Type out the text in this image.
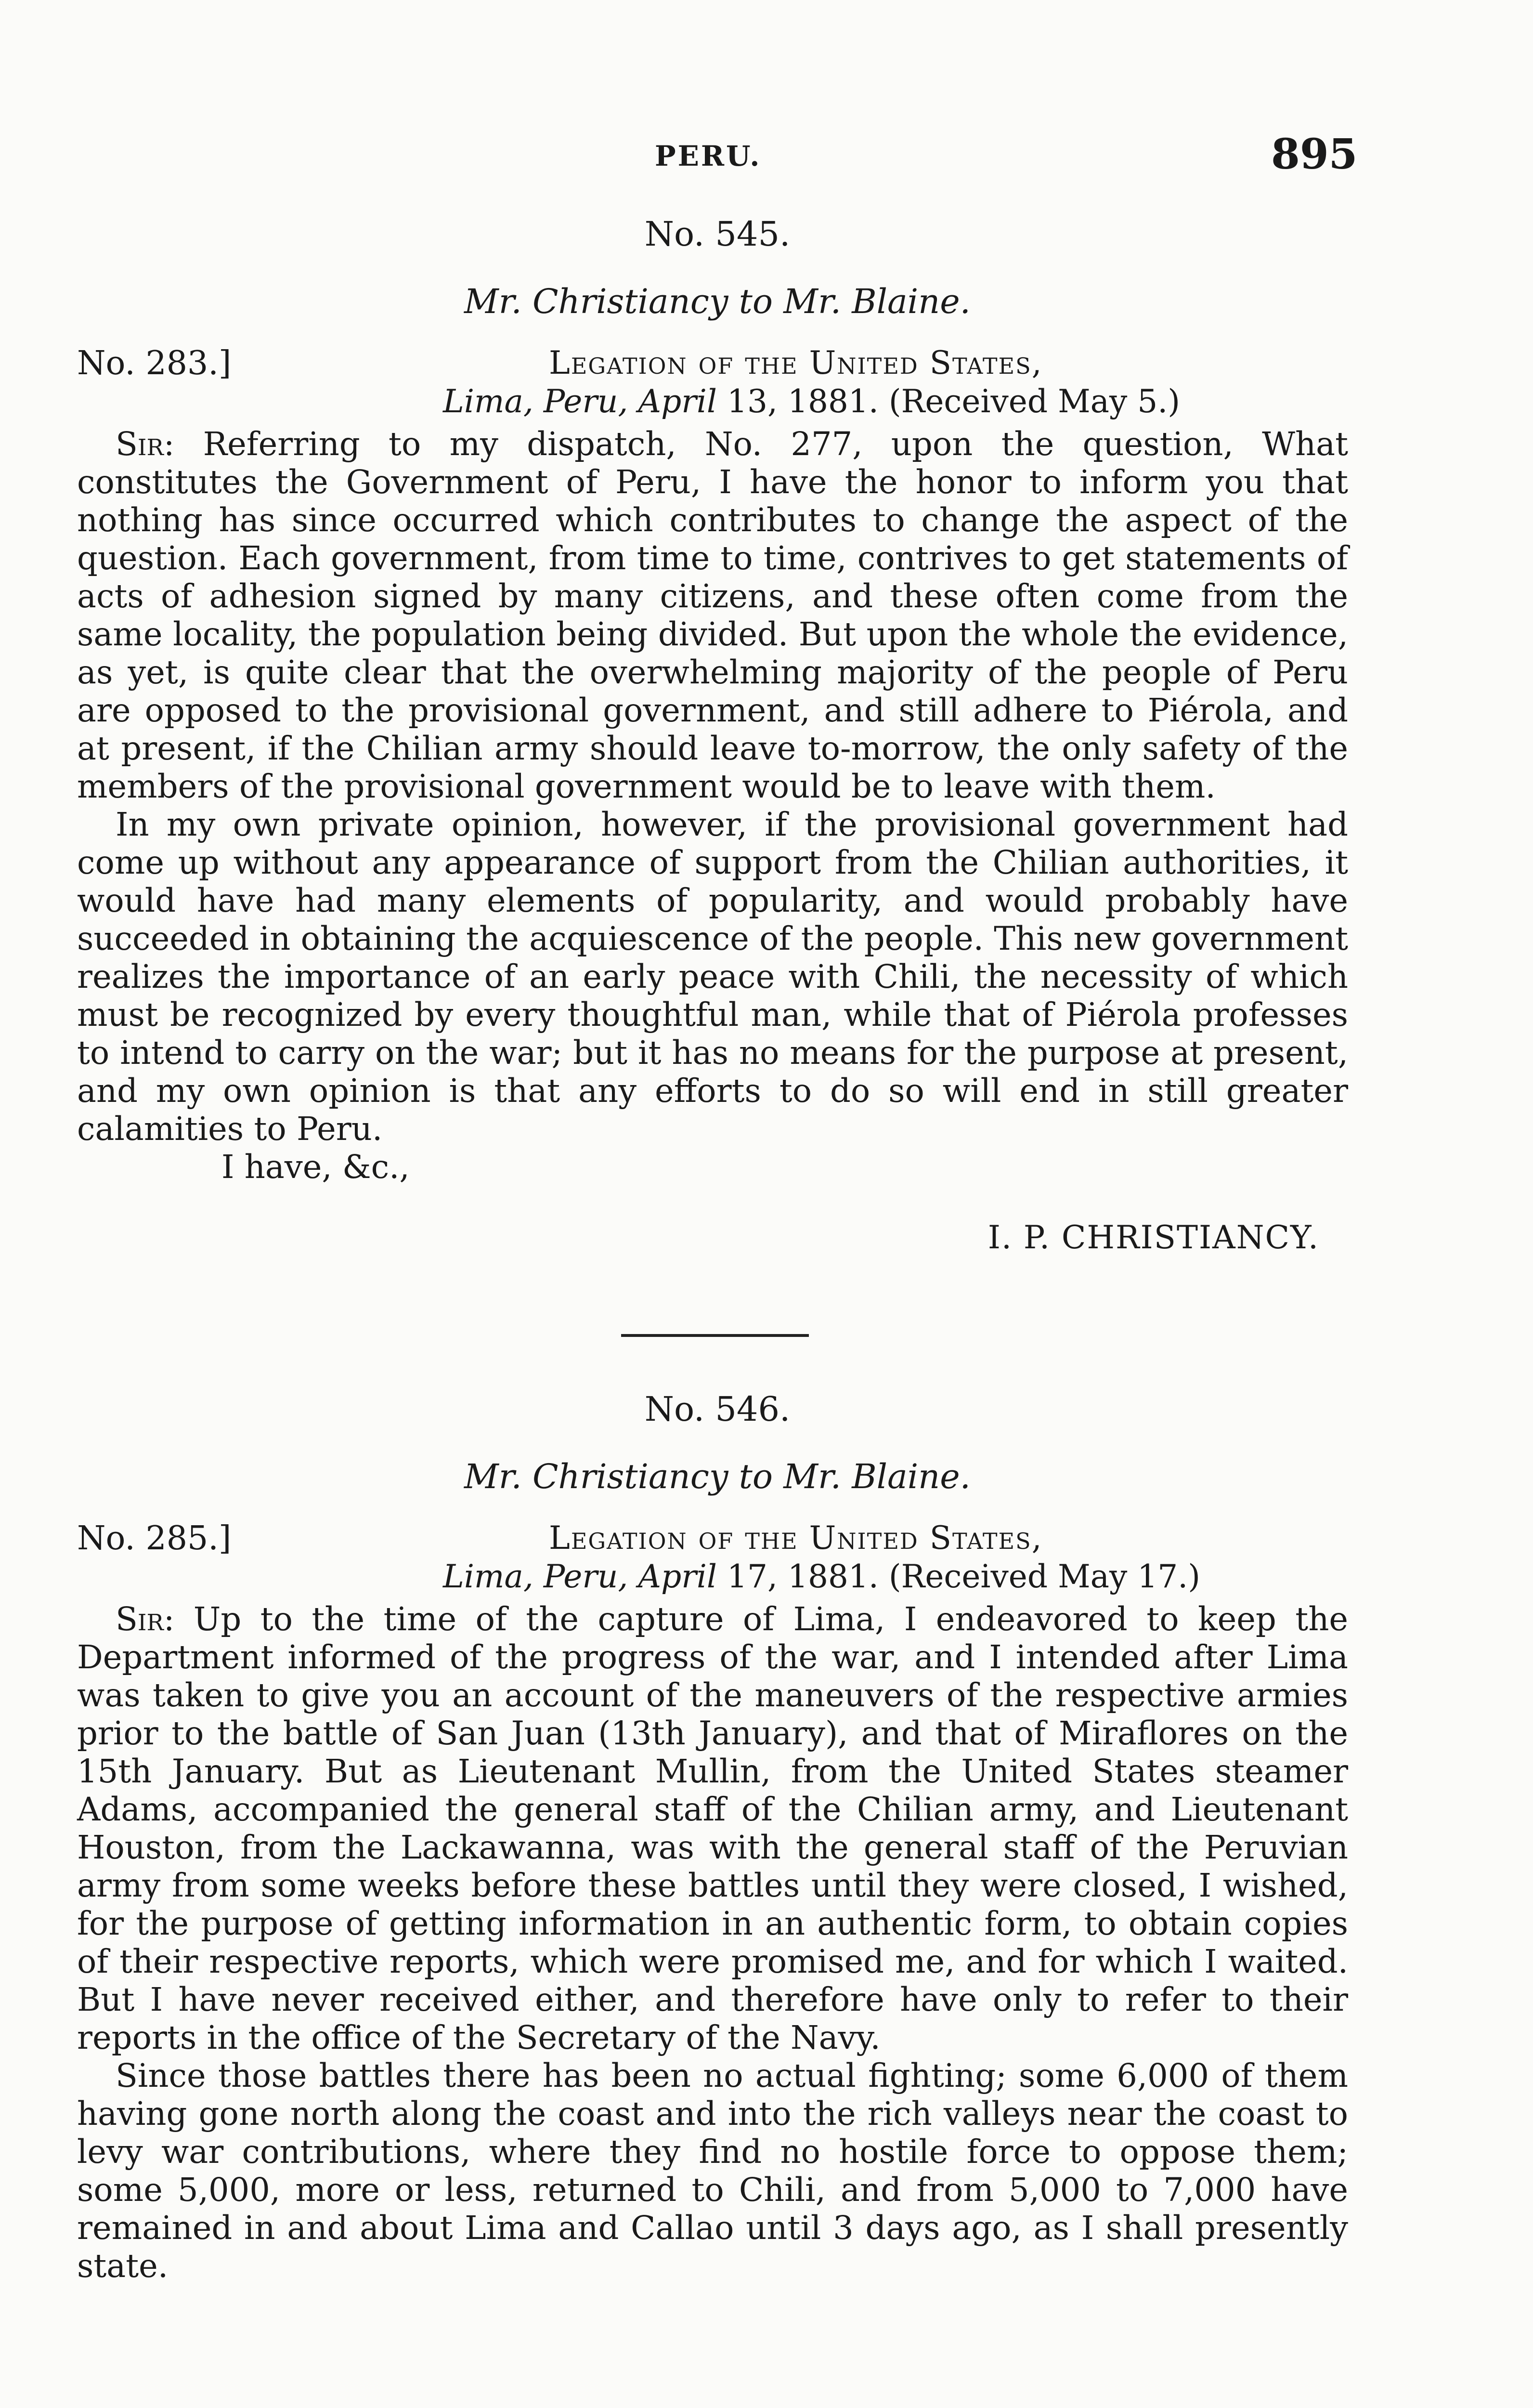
PERU.	895
No. 545.
Mr. Christiancy to Mr. Blaine.
No. 283.]	Legation of the United States,
Lima, Peru, April 13, 1881. (Received May 5.)

Sir: Referring to my dispatch, No. 277, upon the question, What constitutes the Government of Peru, I have the honor to inform you that nothing has since occurred which contributes to change the aspect of the question. Each government, from time to time, contrives to get statements of acts of adhesion signed by many citizens, and these often come from the same locality, the population being divided. But upon the whole the evidence, as yet, is quite clear that the overwhelming majority of the people of Peru are opposed to the provisional government, and still adhere to Piérola, and at present, if the Chilian army should leave to-morrow, the only safety of the members of the provisional government would be to leave with them.

In my own private opinion, however, if the provisional government had come up without any appearance of support from the Chilian authorities, it would have had many elements of popularity, and would probably have succeeded in obtaining the acquiescence of the people. This new government realizes the importance of an early peace with Chili, the necessity of which must be recognized by every thoughtful man, while that of Piérola professes to intend to carry on the war; but it has no means for the purpose at present, and my own opinion is that any efforts to do so will end in still greater calamities to Peru.

I have, &c.,

I. P. CHRISTIANCY.

No. 546.
Mr. Christiancy to Mr. Blaine.
No. 285.]	Legation of the United States,
Lima, Peru, April 17, 1881. (Received May 17.)

Sir: Up to the time of the capture of Lima, I endeavored to keep the Department informed of the progress of the war, and I intended after Lima was taken to give you an account of the maneuvers of the respective armies prior to the battle of San Juan (13th January), and that of Miraflores on the 15th January. But as Lieutenant Mullin, from the United States steamer Adams, accompanied the general staff of the Chilian army, and Lieutenant Houston, from the Lackawanna, was with the general staff of the Peruvian army from some weeks before these battles until they were closed, I wished, for the purpose of getting information in an authentic form, to obtain copies of their respective reports, which were promised me, and for which I waited. But I have never received either, and therefore have only to refer to their reports in the office of the Secretary of the Navy.

Since those battles there has been no actual fighting; some 6,000 of them having gone north along the coast and into the rich valleys near the coast to levy war contributions, where they find no hostile force to oppose them; some 5,000, more or less, returned to Chili, and from 5,000 to 7,000 have remained in and about Lima and Callao until 3 days ago, as I shall presently state.
